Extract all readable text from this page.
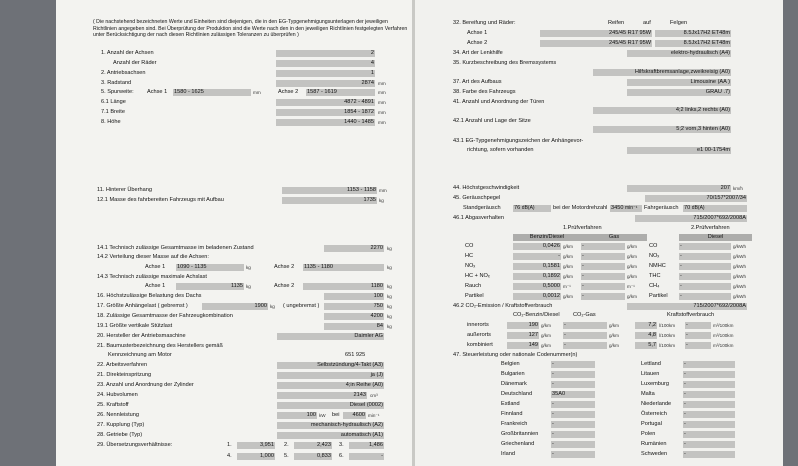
( Die nachstehend bezeichneten Werte und Einheiten sind diejenigen, die in den EG-Typgenehmigungsunterlagen der jeweiligen Richtlinien angegeben sind. Bei Überprüfung der Produktion sind die Werte nach den in den jeweiligen Richtlinien festgelegten Verfahren unter Berücksichtigung der nach diesen Richtlinien zulässigen Toleranzen zu überprüfen )
1. Anzahl der Achsen	2
Anzahl der Räder	4
2. Antriebsachsen	1
3. Radstand	2874 mm
5. Spurweite: Achse 1 1580 - 1625	mm	Achse 2 1587 - 1619	mm
6.1 Länge	4872 - 4891 mm
7.1 Breite	1854 - 1872 mm
8. Höhe	1440 - 1485 mm
11. Hinterer Überhang	1153 - 1158 mm
12.1 Masse des fahrbereiten Fahrzeugs mit Aufbau	1735 kg
14.1 Technisch zulässige Gesamtmasse im beladenen Zustand	2270 kg
14.2 Verteilung dieser Masse auf die Achsen:
Achse 1 1090 - 1135	kg	Achse 2 1135 - 1180	kg
14.3 Technisch zulässige maximale Achslast
Achse 1	1135 kg	Achse 2	1180 kg
16. Höchstzulässige Belastung des Dachs	100 kg
17. Größte Anhängelast ( gebremst )	1900 kg ( ungebremst )	750 kg
18. Zulässige Gesamtmasse der Fahrzeugkombination	4200 kg
19.1 Größte vertikale Stützlast	84 kg
20. Hersteller der Antriebsmaschine	Daimler AG
21. Baumusterbezeichnung des Herstellers gemäß
Kennzeichnung am Motor	651 925
22. Arbeitsverfahren	Selbstzündung/4-Takt (A3)
21. Direkteinspritzung	ja (J)
23. Anzahl und Anordnung der Zylinder	4;in Reihe (A0)
24. Hubvolumen	2143 cm³
25. Kraftstoff	Diesel (0002)
26. Nennleistung	100 kW bei	4600 min⁻¹
27. Kupplung (Typ)	mechanisch-hydraulisch (A2)
28. Getriebe (Typ)	automatisch (A1)
29. Übersetzungsverhältnisse:	1.	3,951 2.	2,423 3.	1,486
4.	1,000 5.	0,833 6.	-
32. Bereifung und Räder:	Reifen	auf	Felgen
Achse 1	245/45 R17 95W	8.5Jx17H2 ET48m
Achse 2	245/45 R17 95W	8.5Jx17H2 ET48m
34. Art der Lenkhilfe	elektro-hydraulisch (A4)
35. Kurzbeschreibung des Bremssystems
Hilfskraftbremsanlage,zweikreisig (A0)
37. Art des Aufbaus	Limousine (AA )
38. Farbe des Fahrzeugs	GRAU .7)
41. Anzahl und Anordnung der Türen
4;2 links,2 rechts (A0)
42.1 Anzahl und Lage der Sitze
5;2 vorn,3 hinten (A0)
43.1 EG-Typgenehmigungszeichen der Anhängevor-
richtung, sofern vorhanden	e1 00-1754m
44. Höchstgeschwindigkeit	207 km/h
45. Geräuschpegel	70/157*2007/34
Standgeräusch 76 dB(A)	bei der Motordrehzahl 3450 min⁻¹	Fahrgeräusch 70 dB(A)
46.1 Abgasverhalten	715/2007*692/2008A
1.Prüfverfahren	2.Prüfverfahren
Benzin/Diesel	Gas	Diesel
CO	0,0426 g/km -	g/km CO	-	g/kWh
HC	- g/km -	g/km NOₓ	-	g/kWh
NOₓ	0,1581 g/km -	g/km NMHC	-	g/kWh
HC + NOₓ	0,1892 g/km -	g/km THC	-	g/kWh
Rauch	0,5000 m⁻¹ -	m⁻¹	CH₄	-	g/kWh
Partikel	0,0012 g/km -	g/km Partikel -	g/kWh
46.2 CO₂-Emission / Kraftstoffverbrauch	715/2007*692/2008A
CO₂-Benzin/Diesel CO₂-Gas	Kraftstoffverbrauch
innerorts	190 g/km -	g/km	7,2 l/100km -	m³/100km
außerorts	127 g/km -	g/km	4,8 l/100km -	m³/100km
kombiniert	149 g/km -	g/km	5,7 l/100km -	m³/100km
47. Steuerleistung oder nationale Codenummer(n)
Belgien	-
Bulgarien	-
Dänemark	-
Deutschland	35A0
Estland	-
Finnland	-
Frankreich	-
Großbritannien -
Griechenland	-
Irland	-
Lettland	-
Litauen	-
Luxemburg	-
Malta	-
Niederlande -
Österreich	-
Portugal	-
Polen	-
Rumänien	-
Schweden	-
